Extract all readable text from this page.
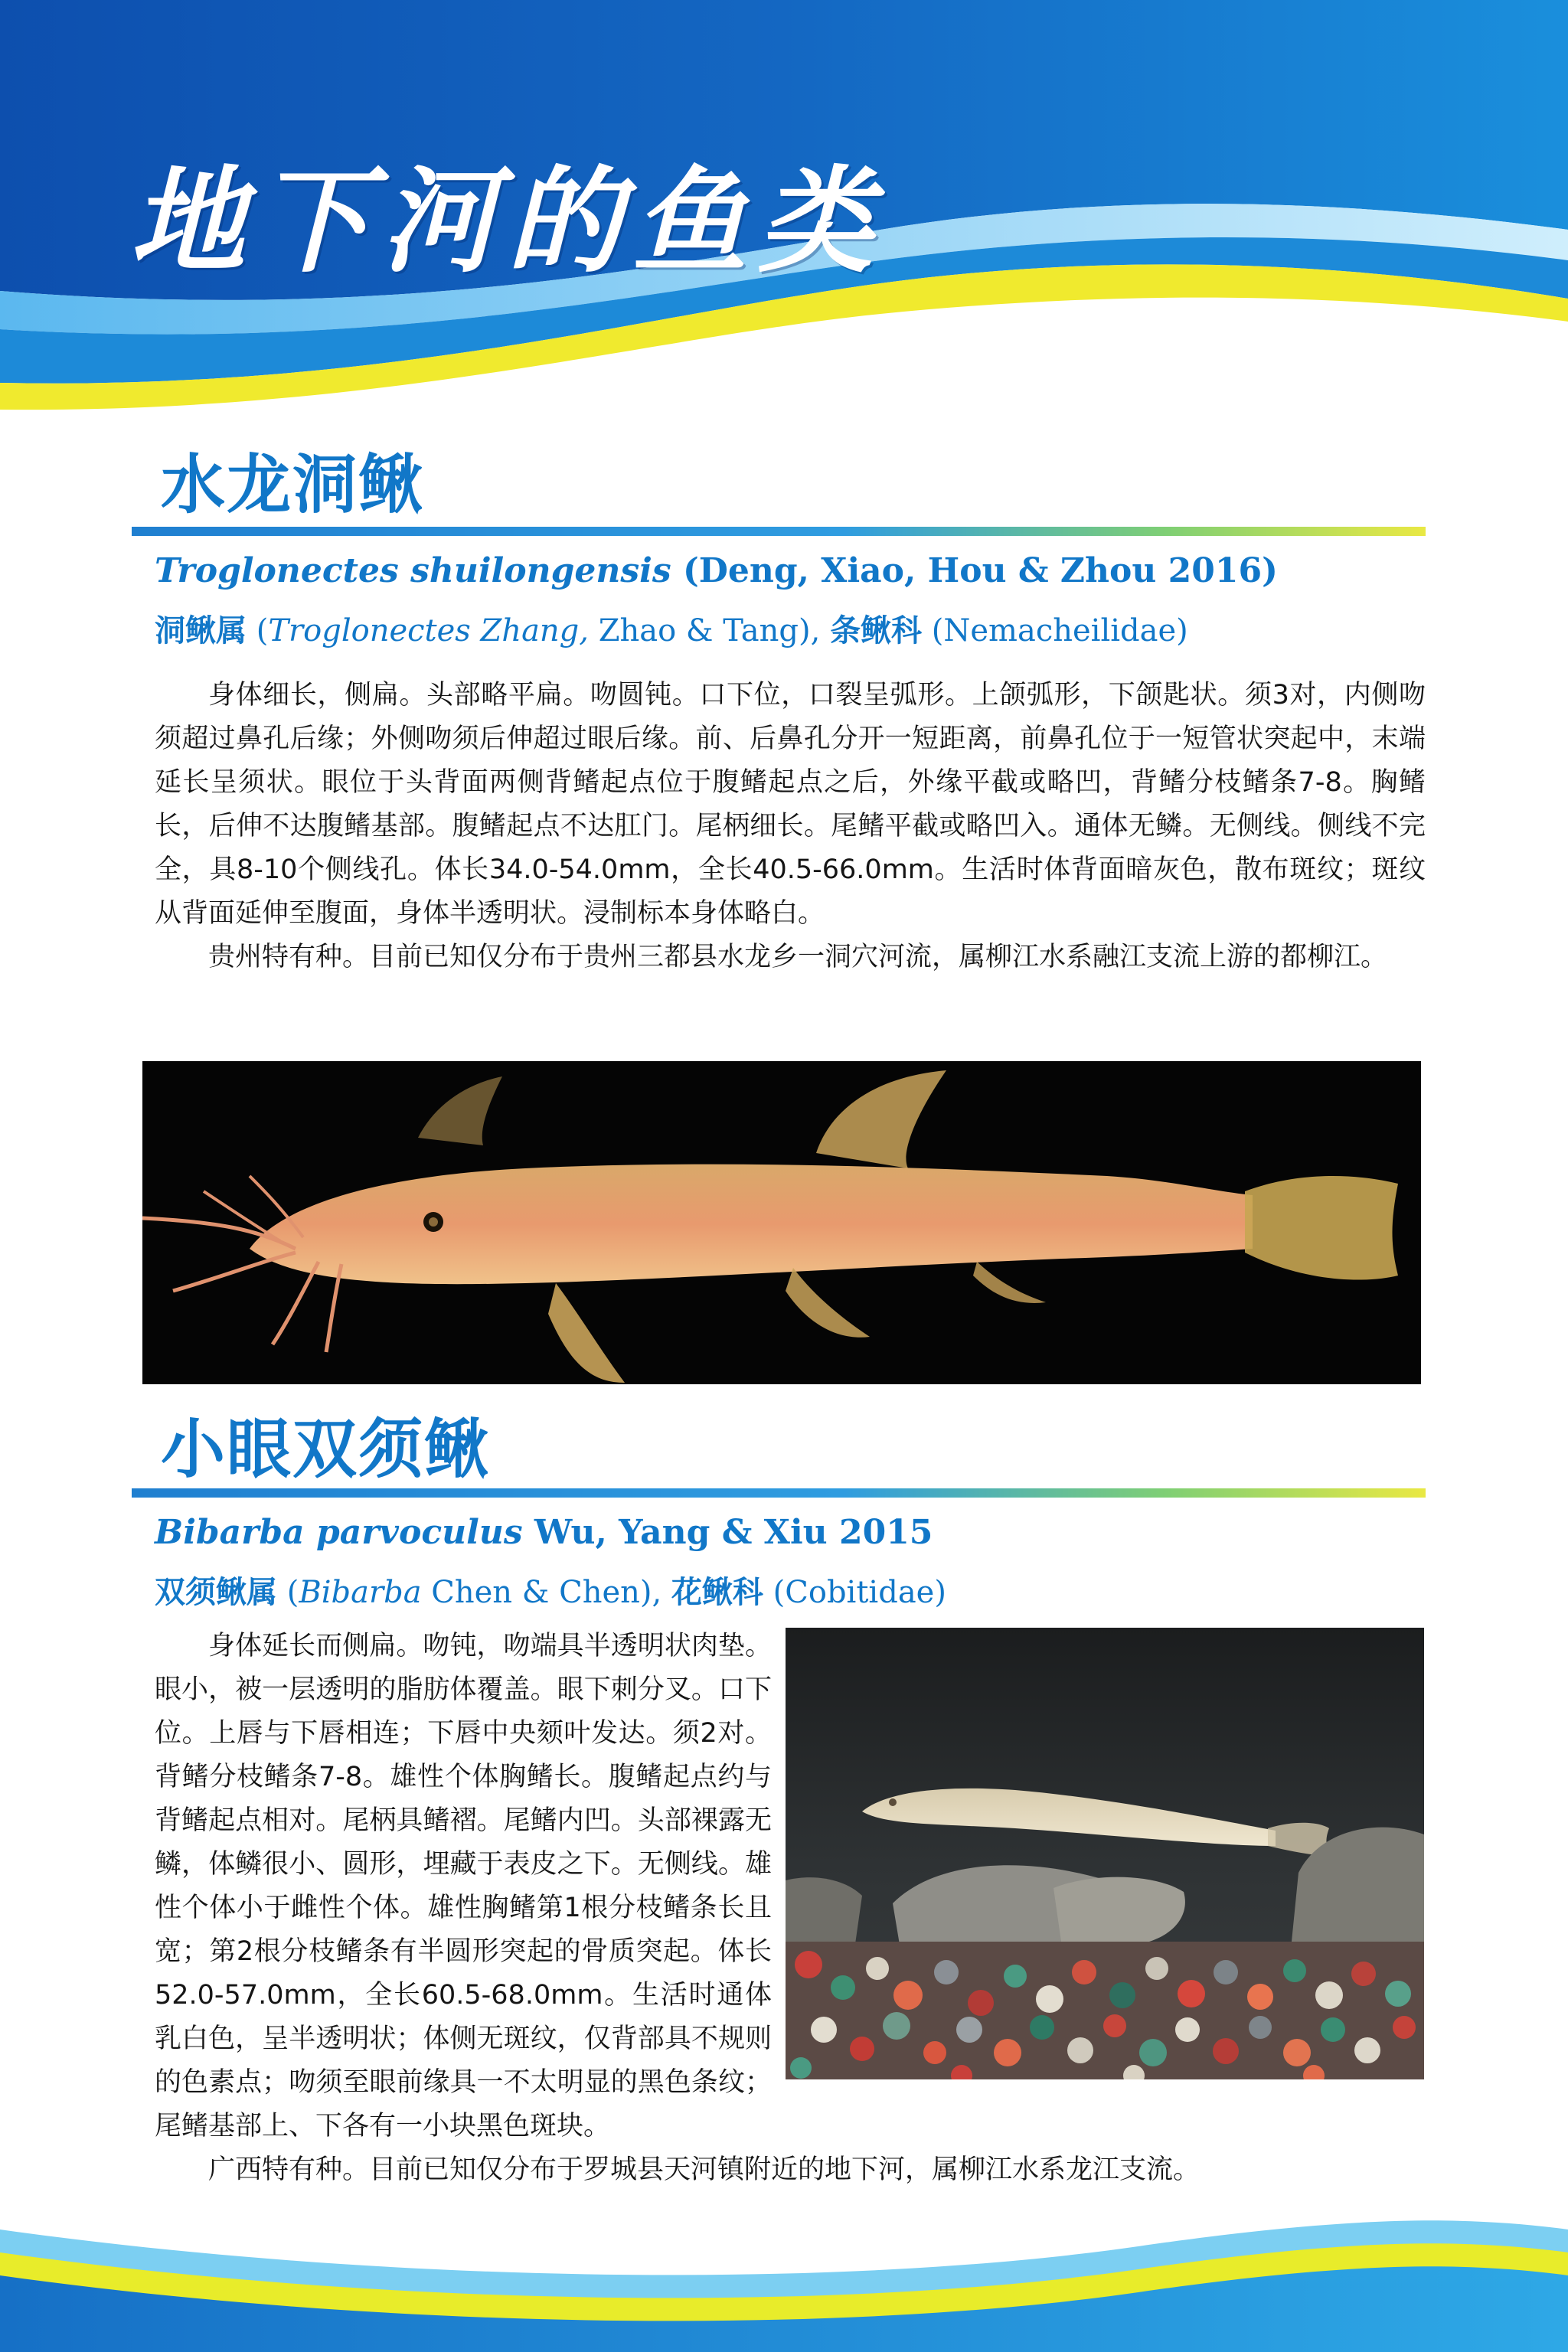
地下河的鱼类
水龙洞鳅
Troglonectes shuilongensis (Deng, Xiao, Hou & Zhou 2016)
洞鳅属 (Troglonectes Zhang, Zhao & Tang), 条鳅科 (Nemacheilidae)

身体细长，侧扁。头部略平扁。吻圆钝。口下位，口裂呈弧形。上颌弧形，下颌匙状。须3对，内侧吻须超过鼻孔后缘；外侧吻须后伸超过眼后缘。前、后鼻孔分开一短距离，前鼻孔位于一短管状突起中，末端延长呈须状。眼位于头背面两侧背鳍起点位于腹鳍起点之后，外缘平截或略凹，背鳍分枝鳍条7-8。胸鳍长，后伸不达腹鳍基部。腹鳍起点不达肛门。尾柄细长。尾鳍平截或略凹入。通体无鳞。无侧线。侧线不完全，具8-10个侧线孔。体长34.0-54.0mm，全长40.5-66.0mm。生活时体背面暗灰色，散布斑纹；斑纹从背面延伸至腹面，身体半透明状。浸制标本身体略白。

贵州特有种。目前已知仅分布于贵州三都县水龙乡一洞穴河流，属柳江水系融江支流上游的都柳江。

小眼双须鳅
Bibarba parvoculus Wu, Yang & Xiu 2015
双须鳅属 (Bibarba Chen & Chen), 花鳅科 (Cobitidae)
身体延长而侧扁。吻钝，吻端具半透明状肉垫。眼小，被一层透明的脂肪体覆盖。眼下刺分叉。口下位。上唇与下唇相连；下唇中央颏叶发达。须2对。背鳍分枝鳍条7-8。雄性个体胸鳍长。腹鳍起点约与背鳍起点相对。尾柄具鳍褶。尾鳍内凹。头部裸露无鳞，体鳞很小、圆形，埋藏于表皮之下。无侧线。雄性个体小于雌性个体。雄性胸鳍第1根分枝鳍条长且宽；第2根分枝鳍条有半圆形突起的骨质突起。体长52.0-57.0mm，全长60.5-68.0mm。生活时通体乳白色，呈半透明状；体侧无斑纹，仅背部具不规则的色素点；吻须至眼前缘具一不太明显的黑色条纹；尾鳍基部上、下各有一小块黑色斑块。

广西特有种。目前已知仅分布于罗城县天河镇附近的地下河，属柳江水系龙江支流。
